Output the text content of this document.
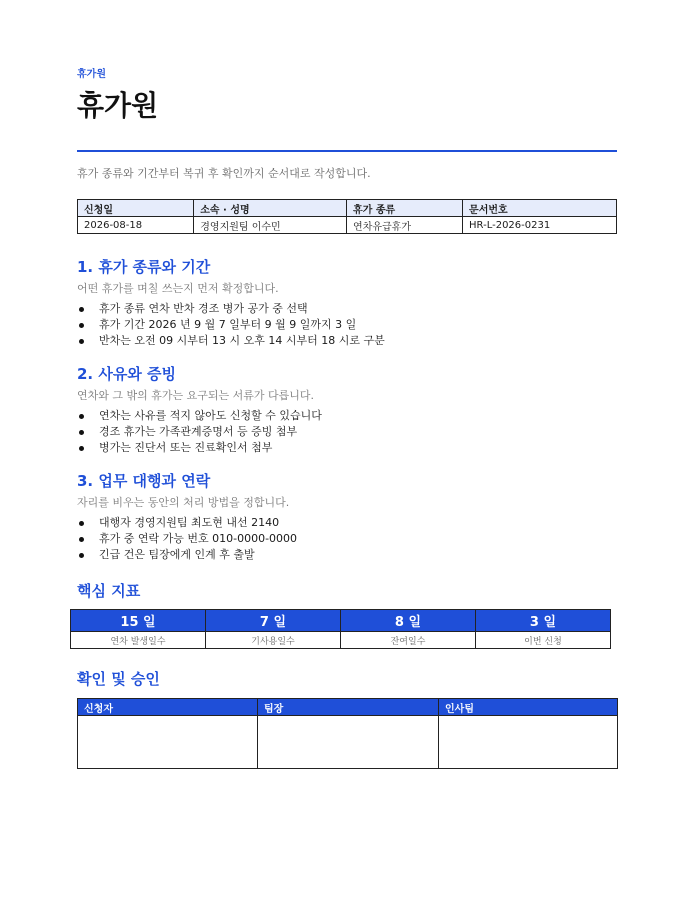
휴가원

휴가원
휴가 종류와 기간부터 복귀 후 확인까지 순서대로 작성합니다.
신청일	소속 · 성명	휴가 종류	문서번호
2026-08-18	경영지원팀 이수민	연차유급휴가	HR-L-2026-0231
1. 휴가 종류와 기간
어떤 휴가를 며칠 쓰는지 먼저 확정합니다.
휴가 종류 연차 반차 경조 병가 공가 중 선택
휴가 기간 2026 년 9 월 7 일부터 9 월 9 일까지 3 일
반차는 오전 09 시부터 13 시 오후 14 시부터 18 시로 구분
2. 사유와 증빙
연차와 그 밖의 휴가는 요구되는 서류가 다릅니다.
연차는 사유를 적지 않아도 신청할 수 있습니다
경조 휴가는 가족관계증명서 등 증빙 첨부
병가는 진단서 또는 진료확인서 첨부
3. 업무 대행과 연락
자리를 비우는 동안의 처리 방법을 정합니다.
대행자 경영지원팀 최도현 내선 2140
휴가 중 연락 가능 번호 010-0000-0000
긴급 건은 팀장에게 인계 후 출발
핵심 지표
15 일	7 일	8 일	3 일
연차 발생일수	기사용일수	잔여일수	이번 신청
확인 및 승인
신청자	팀장	인사팀
